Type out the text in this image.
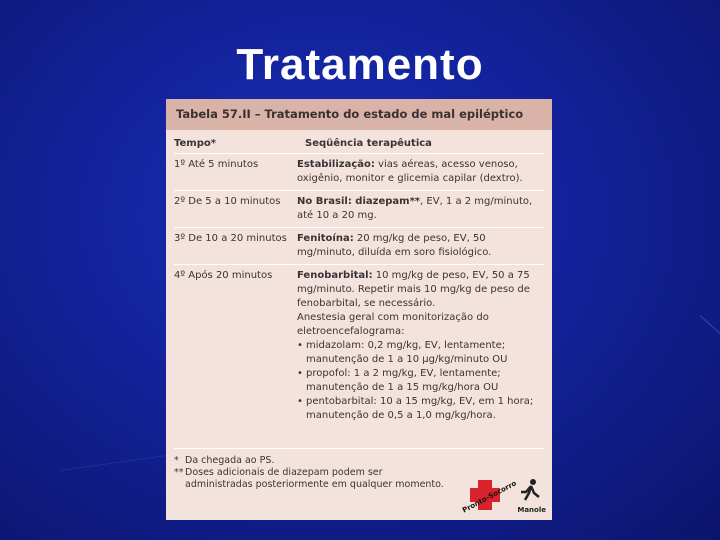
Tratamento
Tabela 57.II – Tratamento do estado de mal epiléptico
Tempo*	Seqüência terapêutica
1º Até 5 minutos	Estabilização: vias aéreas, acesso venoso, oxigênio, monitor e glicemia capilar (dextro).
2º De 5 a 10 minutos	No Brasil: diazepam**, EV, 1 a 2 mg/minuto, até 10 a 20 mg.
3º De 10 a 20 minutos	Fenitoína: 20 mg/kg de peso, EV, 50 mg/minuto, diluída em soro fisiológico.
4º Após 20 minutos	Fenobarbital: 10 mg/kg de peso, EV, 50 a 75 mg/minuto. Repetir mais 10 mg/kg de peso de fenobarbital, se necessário.
Anestesia geral com monitorização do eletroencefalograma:
• midazolam: 0,2 mg/kg, EV, lentamente; manutenção de 1 a 10 µg/kg/minuto OU
• propofol: 1 a 2 mg/kg, EV, lentamente; manutenção de 1 a 15 mg/kg/hora OU
• pentobarbital: 10 a 15 mg/kg, EV, em 1 hora; manutenção de 0,5 a 1,0 mg/kg/hora.
* Da chegada ao PS.
** Doses adicionais de diazepam podem ser administradas posteriormente em qualquer momento.	Pronto-Socorro Manole
